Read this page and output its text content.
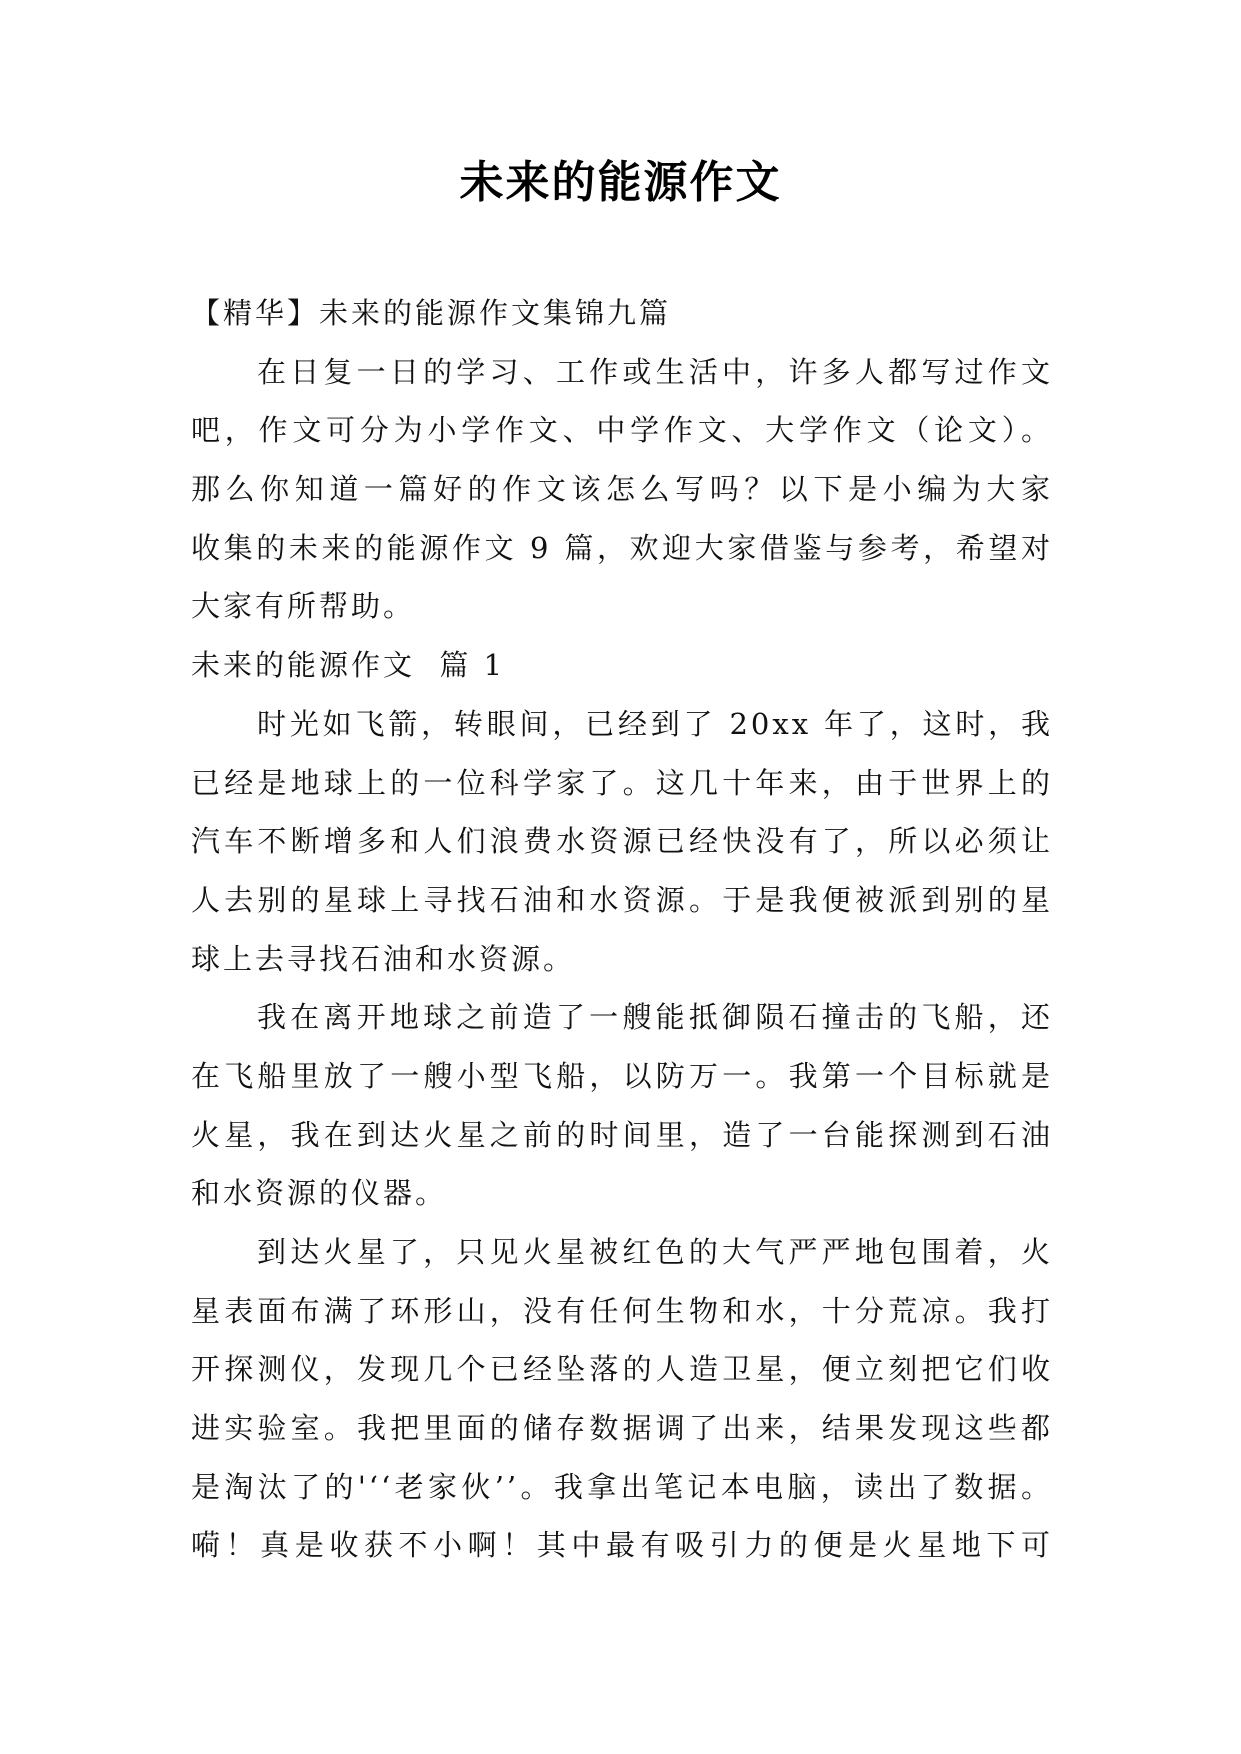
未来的能源作文
【精华】未来的能源作文集锦九篇
在日复一日的学习、工作或生活中，许多人都写过作文
吧，作文可分为小学作文、中学作文、大学作文（论文）。
那么你知道一篇好的作文该怎么写吗？以下是小编为大家
收集的未来的能源作文 9 篇，欢迎大家借鉴与参考，希望对
大家有所帮助。
未来的能源作文  篇 1
时光如飞箭，转眼间，已经到了 20xx 年了，这时，我
已经是地球上的一位科学家了。这几十年来，由于世界上的
汽车不断增多和人们浪费水资源已经快没有了，所以必须让
人去别的星球上寻找石油和水资源。于是我便被派到别的星
球上去寻找石油和水资源。
我在离开地球之前造了一艘能抵御陨石撞击的飞船，还
在飞船里放了一艘小型飞船，以防万一。我第一个目标就是
火星，我在到达火星之前的时间里，造了一台能探测到石油
和水资源的仪器。
到达火星了，只见火星被红色的大气严严地包围着，火
星表面布满了环形山，没有任何生物和水，十分荒凉。我打
开探测仪，发现几个已经坠落的人造卫星，便立刻把它们收
进实验室。我把里面的储存数据调了出来，结果发现这些都
是淘汰了的'‘‘老家伙’’。我拿出笔记本电脑，读出了数据。
嗬！真是收获不小啊！其中最有吸引力的便是火星地下可
